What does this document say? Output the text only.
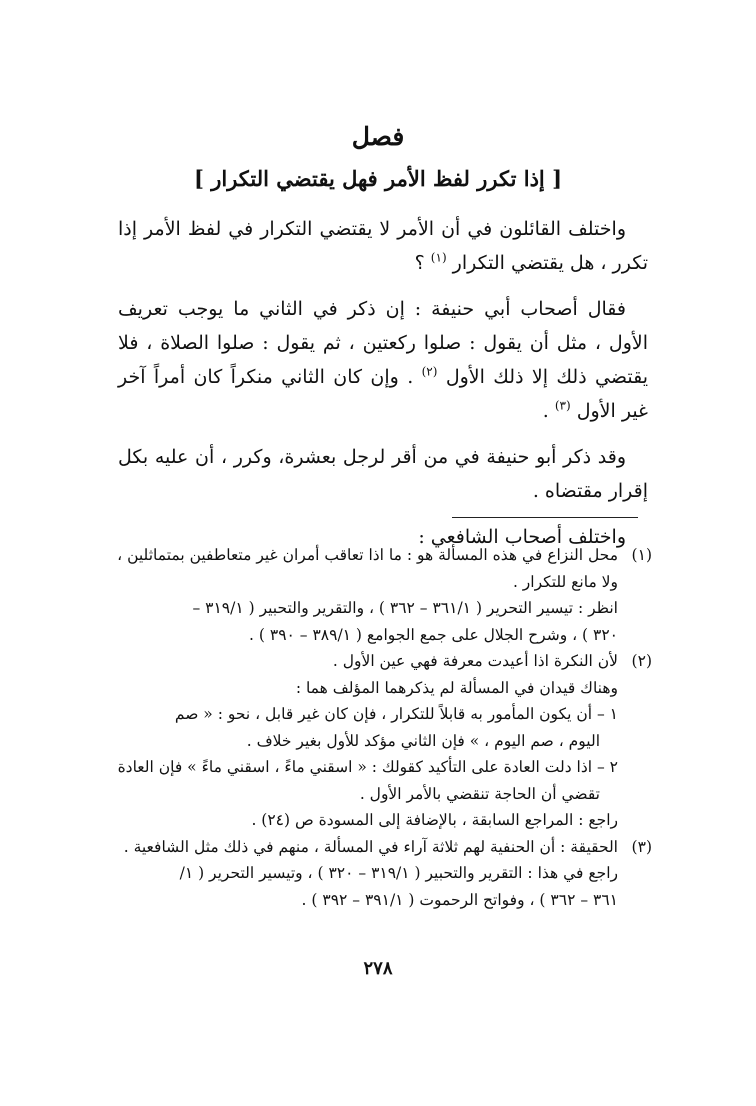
فصل
[ إذا تكرر لفظ الأمر فهل يقتضي التكرار ]

واختلف القائلون في أن الأمر لا يقتضي التكرار في لفظ الأمر إذا تكرر ، هل يقتضي التكرار $^{(١)}$ ؟

فقال أصحاب أبي حنيفة : إن ذكر في الثاني ما يوجب تعريف الأول ، مثل أن يقول : صلوا ركعتين ، ثم يقول : صلوا الصلاة ، فلا يقتضي ذلك إلا ذلك الأول $^{(٢)}$ . وإن كان الثاني منكراً كان أمراً آخر غير الأول $^{(٣)}$ .

وقد ذكر أبو حنيفة في من أقر لرجل بعشرة، وكرر ، أن عليه بكل إقرار مقتضاه .

واختلف أصحاب الشافعي :

(١)

محل النزاع في هذه المسألة هو : ما اذا تعاقب أمران غير متعاطفين بمتماثلين ،

ولا مانع للتكرار .

انظر : تيسير التحرير ( ٣٦١/١ – ٣٦٢ ) ، والتقرير والتحبير ( ٣١٩/١ –

٣٢٠ ) ، وشرح الجلال على جمع الجوامع ( ٣٨٩/١ – ٣٩٠ ) .

(٢)

لأن النكرة اذا أعيدت معرفة فهي عين الأول .

وهناك قيدان في المسألة لم يذكرهما المؤلف هما :

١ – أن يكون المأمور به قابلاً للتكرار ، فإن كان غير قابل ، نحو : « صم

اليوم ، صم اليوم ، » فإن الثاني مؤكد للأول بغير خلاف .

٢ – اذا دلت العادة على التأكيد كقولك : « اسقني ماءً ، اسقني ماءً » فإن العادة

تقضي أن الحاجة تنقضي بالأمر الأول .

راجع : المراجع السابقة ، بالإضافة إلى المسودة ص (٢٤) .

(٣)

الحقيقة : أن الحنفية لهم ثلاثة آراء في المسألة ، منهم في ذلك مثل الشافعية .

راجع في هذا : التقرير والتحبير ( ٣١٩/١ – ٣٢٠ ) ، وتيسير التحرير ( ١/

٣٦١ – ٣٦٢ ) ، وفواتح الرحموت ( ٣٩١/١ – ٣٩٢ ) .

٢٧٨
